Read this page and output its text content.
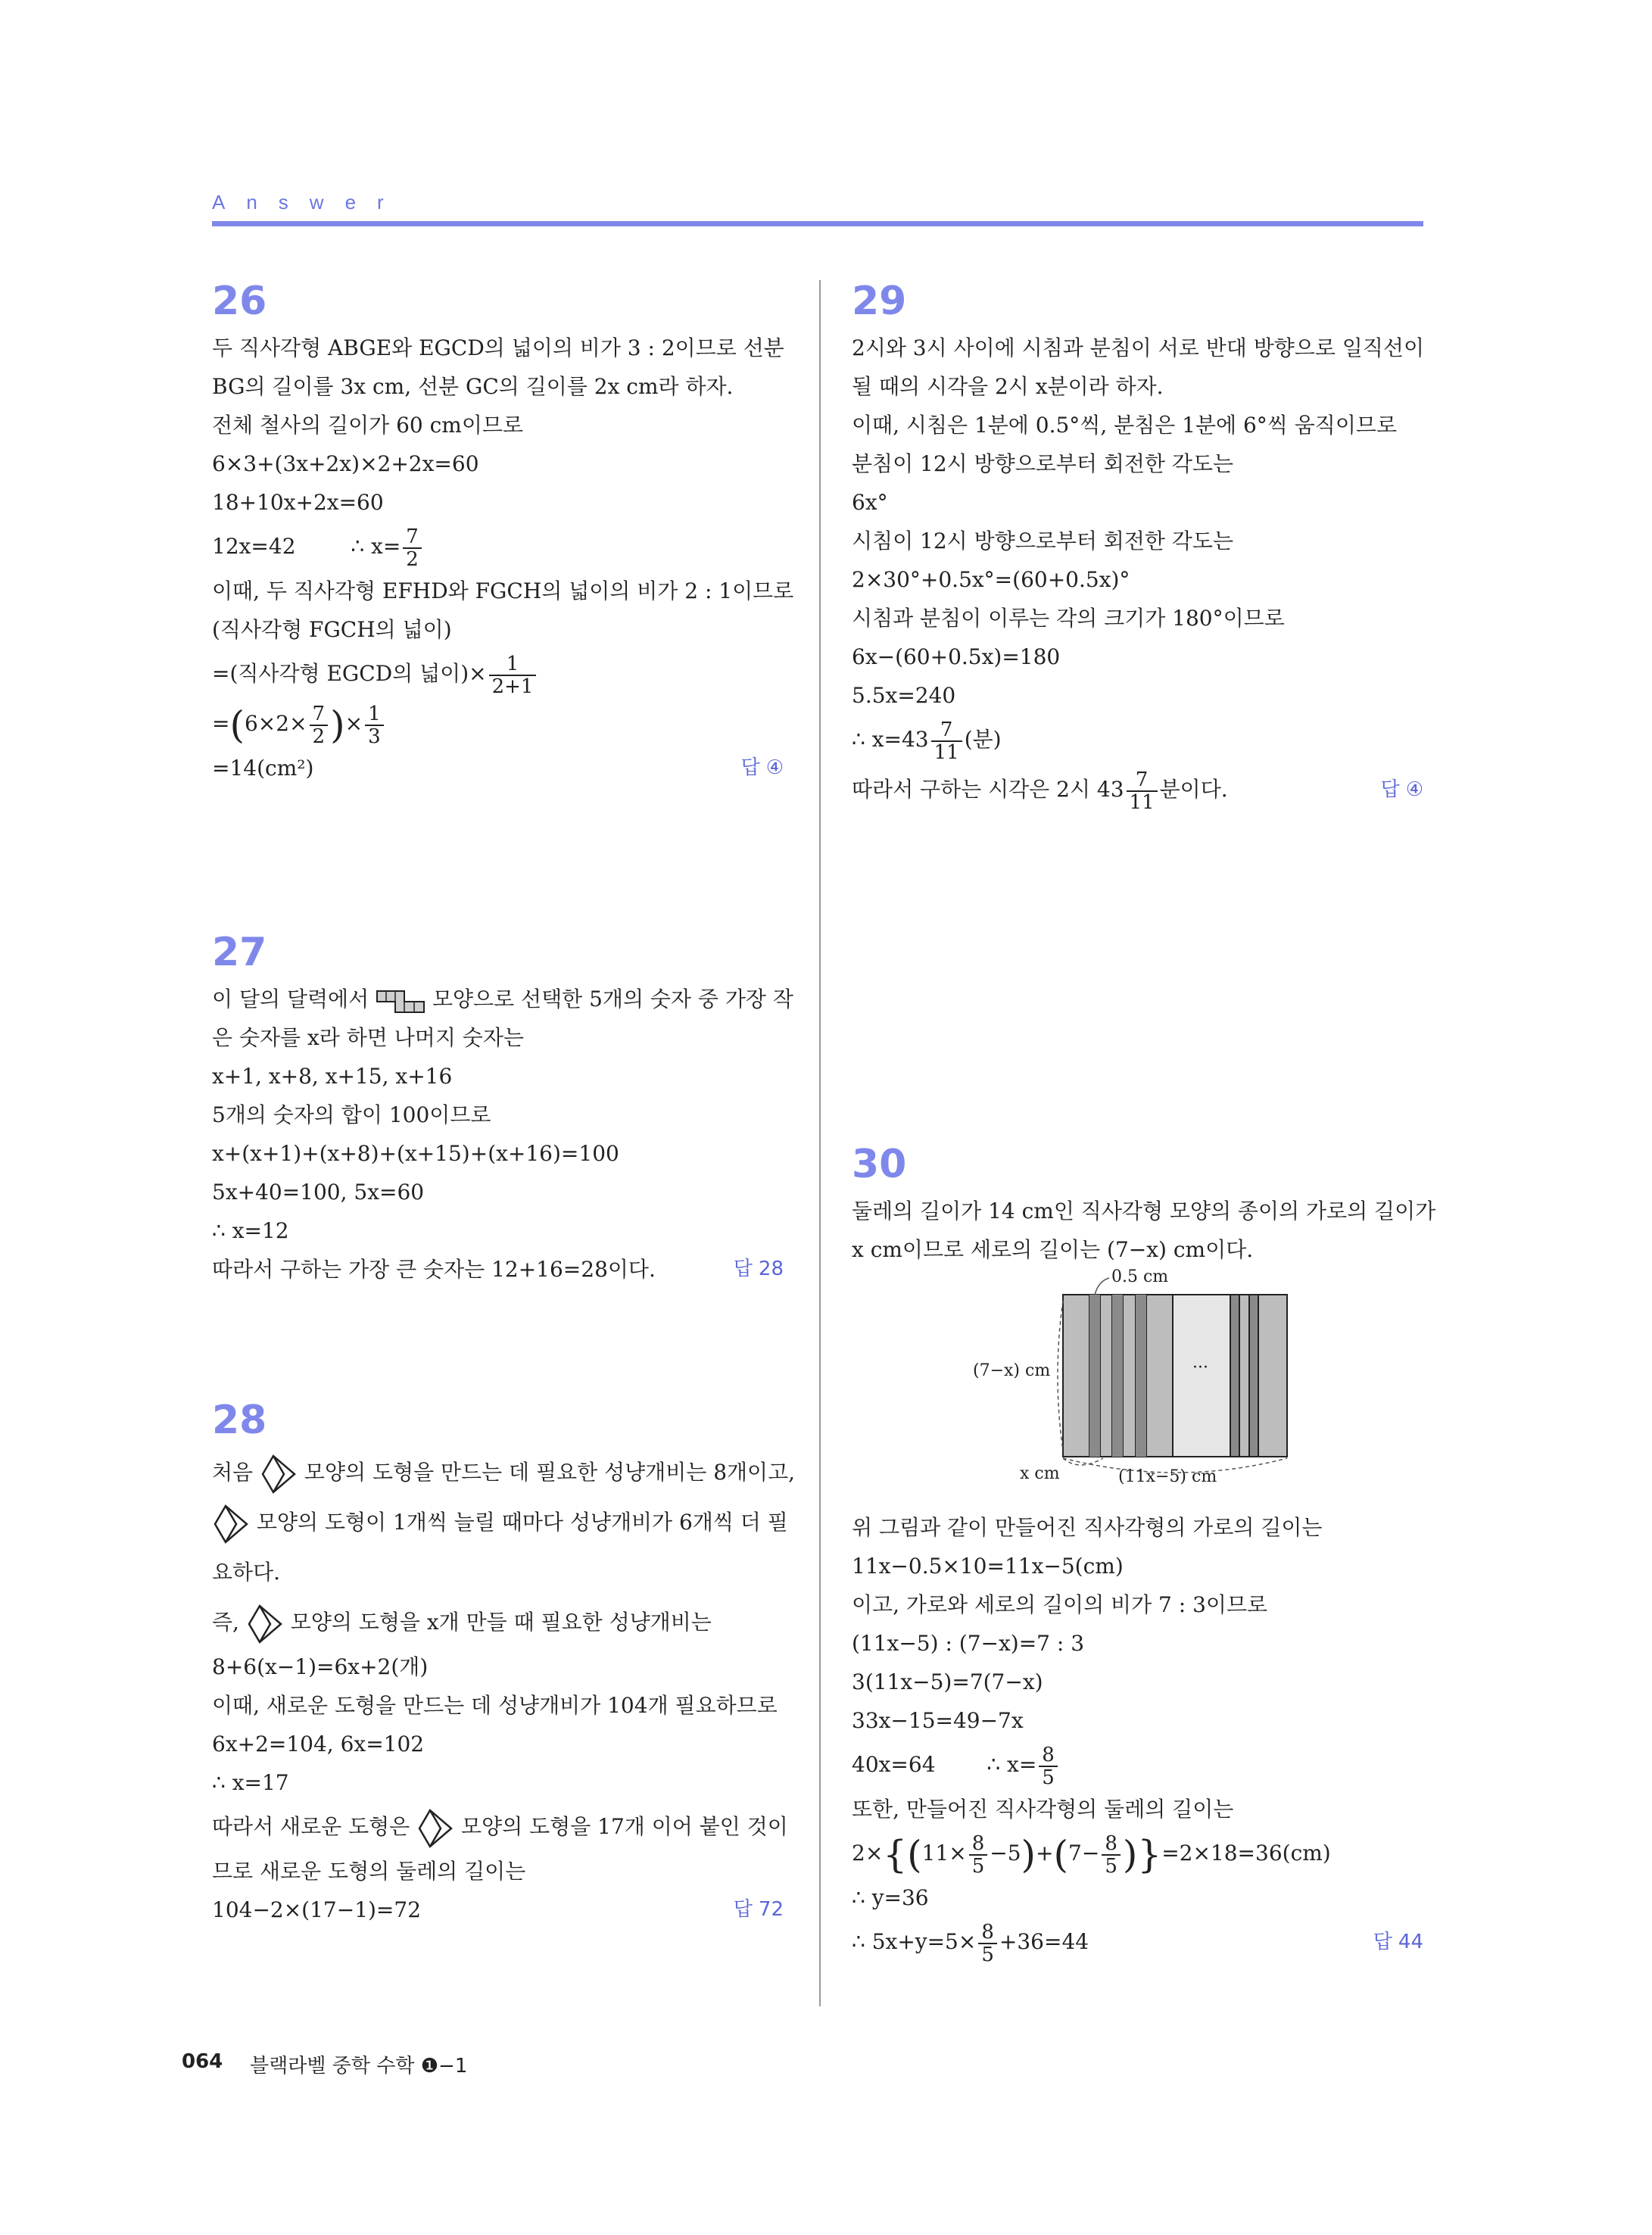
Answer
26
두 직사각형 ABGE와 EGCD의 넓이의 비가 3 : 2이므로 선분
BG의 길이를 3x cm, 선분 GC의 길이를 2x cm라 하자.
전체 철사의 길이가 60 cm이므로
6×3+(3x+2x)×2+2x=60
18+10x+2x=60
12x=42	∴ $x= \frac{7}{2}$
이때, 두 직사각형 EFHD와 FGCH의 넓이의 비가 2 : 1이므로
(직사각형 FGCH의 넓이)
=(직사각형 EGCD의 넓이)× $\frac{1}{2+1}$
$=(6\times 2\times \frac{7}{2}$ )× $\frac{1}{3}$
=14(cm²)	답 ④
27
이 달의 달력에서	모양으로 선택한 5개의 숫자 중 가장 작
은 숫자를 x라 하면 나머지 숫자는
x+1, x+8, x+15, x+16
5개의 숫자의 합이 100이므로
x+(x+1)+(x+8)+(x+15)+(x+16)=100
5x+40=100, 5x=60
∴ x=12
따라서 구하는 가장 큰 숫자는 12+16=28이다.	답 28
28
처음 모양의 도형을 만드는 데 필요한 성냥개비는 8개이고,
모양의 도형이 1개씩 늘릴 때마다 성냥개비가 6개씩 더 필
요하다.
즉, 모양의 도형을 x개 만들 때 필요한 성냥개비는
8+6(x−1)=6x+2(개)
이때, 새로운 도형을 만드는 데 성냥개비가 104개 필요하므로
6x+2=104, 6x=102
∴ x=17
따라서 새로운 도형은 모양의 도형을 17개 이어 붙인 것이
므로 새로운 도형의 둘레의 길이는
104−2×(17−1)=72	답 72
29
2시와 3시 사이에 시침과 분침이 서로 반대 방향으로 일직선이
될 때의 시각을 2시 x분이라 하자.
이때, 시침은 1분에 0.5°씩, 분침은 1분에 6°씩 움직이므로
분침이 12시 방향으로부터 회전한 각도는
6x°
시침이 12시 방향으로부터 회전한 각도는
2×30°+0.5x°=(60+0.5x)°
시침과 분침이 이루는 각의 크기가 180°이므로
6x−(60+0.5x)=180
5.5x=240
∴ $x=43 \frac{7}{11}$ (분)
따라서 구하는 시각은 2시 $43 \frac{7}{11}$ 분이다.	답 ④
30
둘레의 길이가 14 cm인 직사각형 모양의 종이의 가로의 길이가
x cm이므로 세로의 길이는 (7−x) cm이다.
0.5 cm
(7−x) cm	···
x cm	(11x−5) cm
위 그림과 같이 만들어진 직사각형의 가로의 길이는
11x−0.5×10=11x−5(cm)
이고, 가로와 세로의 길이의 비가 7 : 3이므로
(11x−5) : (7−x)=7 : 3
3(11x−5)=7(7−x)
33x−15=49−7x
40x=64 ∴ $x= \frac{8}{5}$
또한, 만들어진 직사각형의 둘레의 길이는
$2\times\{(11\times \frac{8}{5} -5)+(7- \frac{8}{5} )\}=2\times 18=36(cm)$
∴ y=36
∴ $5x+y=5\times \frac{8}{5} +36=44$	답 44
064 블랙라벨 중학 수학 ❶−1
